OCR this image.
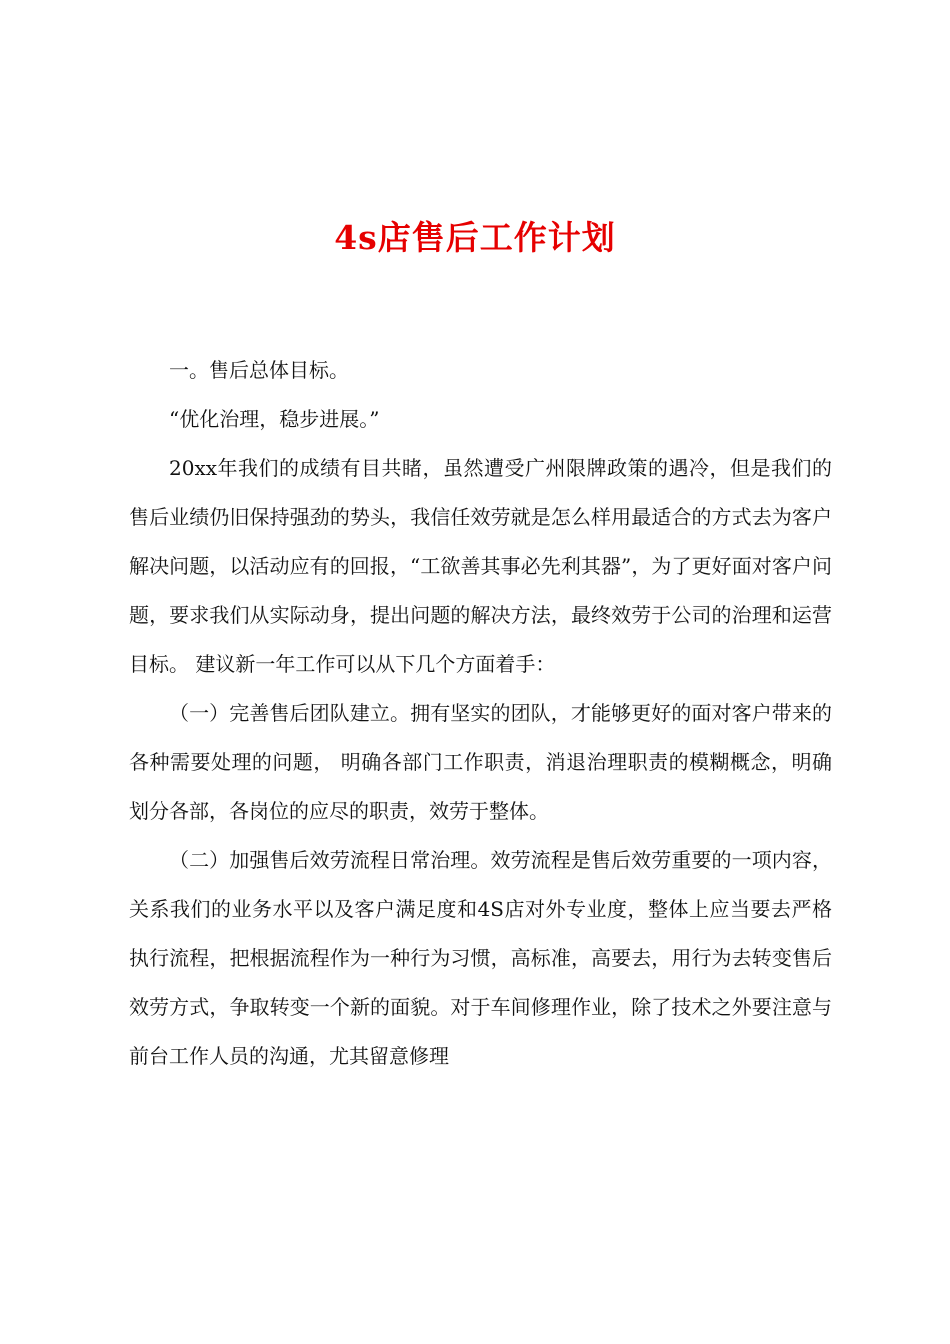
4s店售后工作计划

一。售后总体目标。

“优化治理，稳步进展。”

20xx年我们的成绩有目共睹，虽然遭受广州限牌政策的遇冷，但是我们的售后业绩仍旧保持强劲的势头，我信任效劳就是怎么样用最适合的方式去为客户解决问题，以活动应有的回报，“工欲善其事必先利其器”，为了更好面对客户问题，要求我们从实际动身，提出问题的解决方法，最终效劳于公司的治理和运营目标。 建议新一年工作可以从下几个方面着手：

（一）完善售后团队建立。拥有坚实的团队，才能够更好的面对客户带来的各种需要处理的问题， 明确各部门工作职责，消退治理职责的模糊概念，明确划分各部，各岗位的应尽的职责，效劳于整体。

（二）加强售后效劳流程日常治理。效劳流程是售后效劳重要的一项内容，关系我们的业务水平以及客户满足度和4S店对外专业度，整体上应当要去严格执行流程，把根据流程作为一种行为习惯，高标准，高要去，用行为去转变售后效劳方式，争取转变一个新的面貌。对于车间修理作业，除了技术之外要注意与前台工作人员的沟通，尤其留意修理
